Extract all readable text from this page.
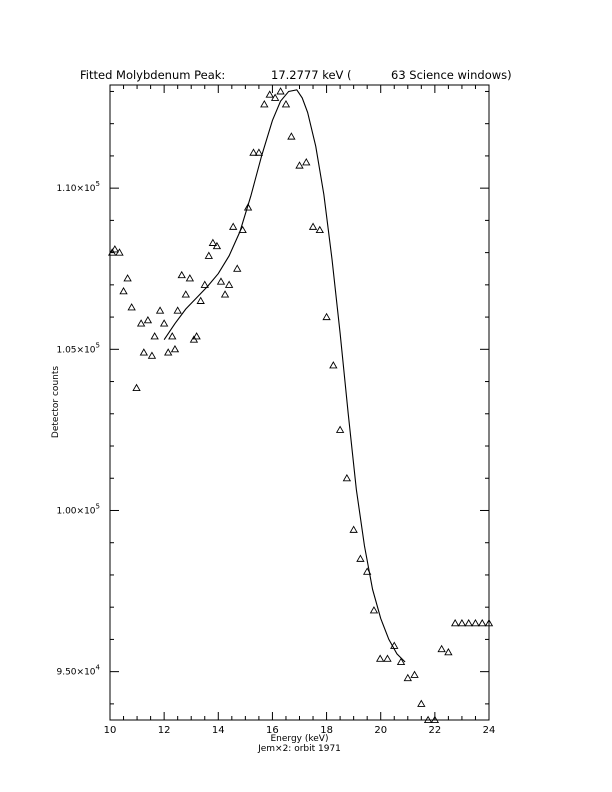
Fitted Molybdenum Peak:	17.2777 keV (	63 Science windows)
10	12	14	16	18	20	22	24
$9.50\times 10^4$
$1.00\times 10^5$
$1.05\times 10^5$
$1.10\times 10^5$
Energy (keV)
Jem×2: orbit 1971
Detector counts
